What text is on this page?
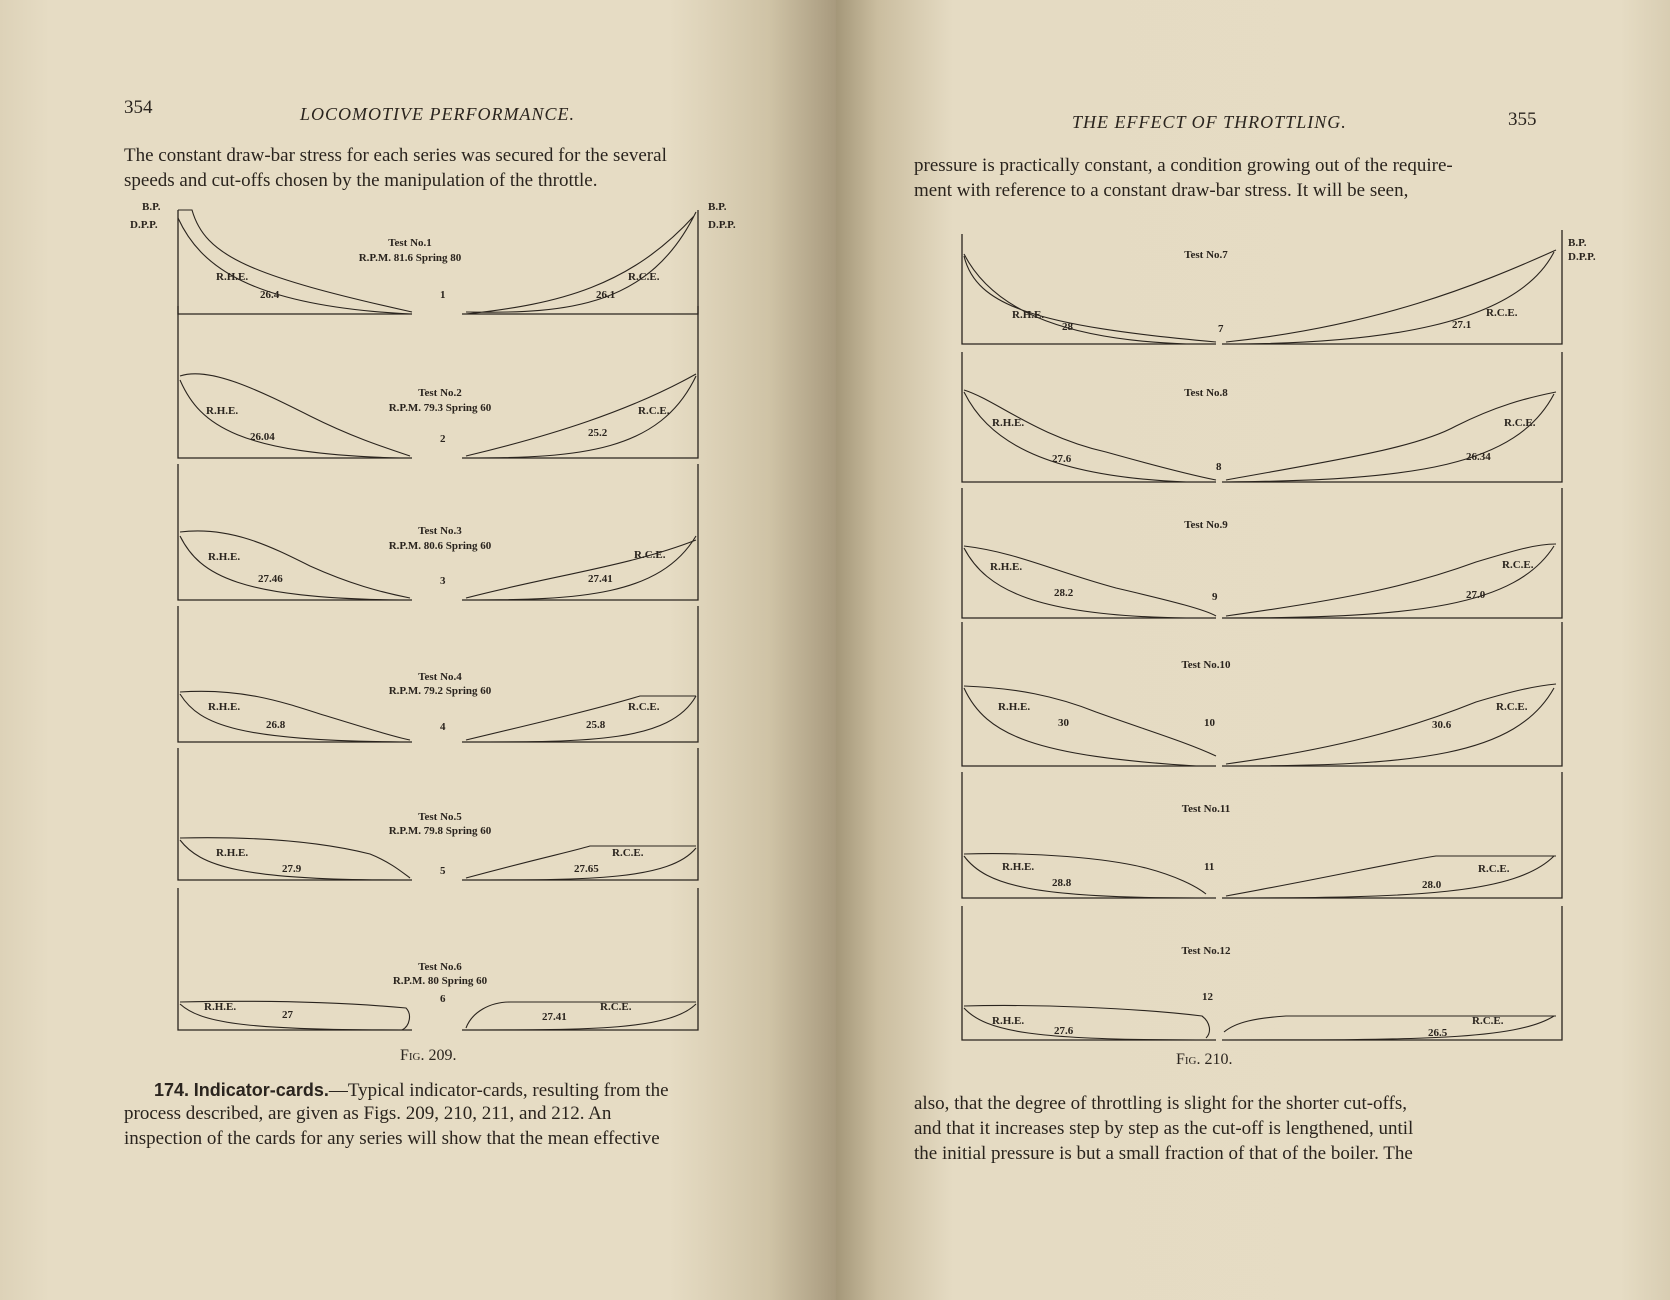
354	LOCOMOTIVE PERFORMANCE.
The constant draw-bar stress for each series was secured for the several
speeds and cut-offs chosen by the manipulation of the throttle.
B.P.
D.P.P.
B.P.
D.P.P.
Test No.1
R.P.M. 81.6 Spring 80
R.H.E.
26.4	1
R.C.E.
26.1
Test No.2
R.P.M. 79.3 Spring 60
R.H.E.
26.04	2
R.C.E.
25.2
Test No.3
R.P.M. 80.6 Spring 60
R.H.E.
27.46	3
R.C.E.
27.41
Test No.4
R.P.M. 79.2 Spring 60
R.H.E.
26.8	4
R.C.E.
25.8
Test No.5
R.P.M. 79.8 Spring 60
R.H.E.
27.9	5
R.C.E.
27.65
Test No.6
R.P.M. 80 Spring 60
R.H.E.
27
6
R.C.E.
27.41
Fig. 209.
174. Indicator-cards.—Typical indicator-cards, resulting from the
process described, are given as Figs. 209, 210, 211, and 212. An
inspection of the cards for any series will show that the mean effective
THE EFFECT OF THROTTLING.	355
pressure is practically constant, a condition growing out of the require-
ment with reference to a constant draw-bar stress. It will be seen,
B.P.
D.P.P.
Test No.7
R.H.E.
28	7
R.C.E.
27.1
Test No.8
R.H.E.
27.6
8
R.C.E.
26.34
Test No.9
R.H.E.
28.2	9
R.C.E.
27.0
Test No.10
R.H.E.
30	10
R.C.E.
30.6
Test No.11
R.H.E.
28.8
11	R.C.E.
28.0
Test No.12
R.H.E.
27.6
12
R.C.E.
26.5
Fig. 210.
also, that the degree of throttling is slight for the shorter cut-offs,
and that it increases step by step as the cut-off is lengthened, until
the initial pressure is but a small fraction of that of the boiler. The
